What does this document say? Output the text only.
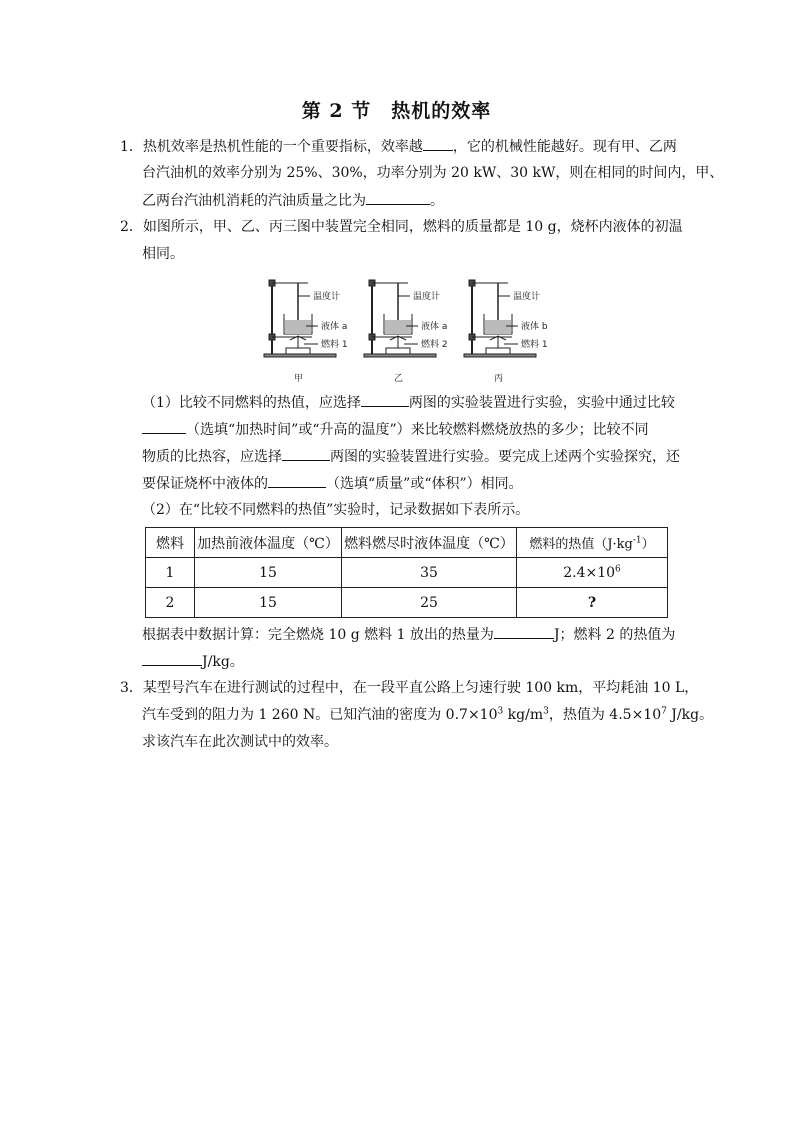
第 2 节　热机的效率
1．热机效率是热机性能的一个重要指标，效率越 ，它的机械性能越好。现有甲、乙两
台汽油机的效率分别为 25%、30%，功率分别为 20 kW、30 kW，则在相同的时间内，甲、
乙两台汽油机消耗的汽油质量之比为	。
2．如图所示，甲、乙、丙三图中装置完全相同，燃料的质量都是 10 g，烧杯内液体的初温
相同。
温度计
液体 a
燃料 1
甲
温度计
液体 a
燃料 2
乙
温度计
液体 b
燃料 1
丙
（1）比较不同燃料的热值，应选择	两图的实验装置进行实验，实验中通过比较
（选填“加热时间”或“升高的温度”）来比较燃料燃烧放热的多少；比较不同
物质的比热容，应选择	两图的实验装置进行实验。要完成上述两个实验探究，还
要保证烧杯中液体的	（选填“质量”或“体积”）相同。
（2）在“比较不同燃料的热值”实验时，记录数据如下表所示。
燃料	加热前液体温度（℃）	燃料燃尽时液体温度（℃）	燃料的热值$(J\cdot kg^{-1})$
1	15	35	$2.4\times 10^6$
2	15	25	?
根据表中数据计算：完全燃烧 10 g 燃料 1 放出的热量为	J；燃料 2 的热值为
J/kg。
3．某型号汽车在进行测试的过程中，在一段平直公路上匀速行驶 100 km，平均耗油 10 L，
汽车受到的阻力为 1 260 N。已知汽油的密度为 $0.7\times 10^3$ $kg/m^3$，热值为 $4.5\times 10^7$ J/kg。
求该汽车在此次测试中的效率。
